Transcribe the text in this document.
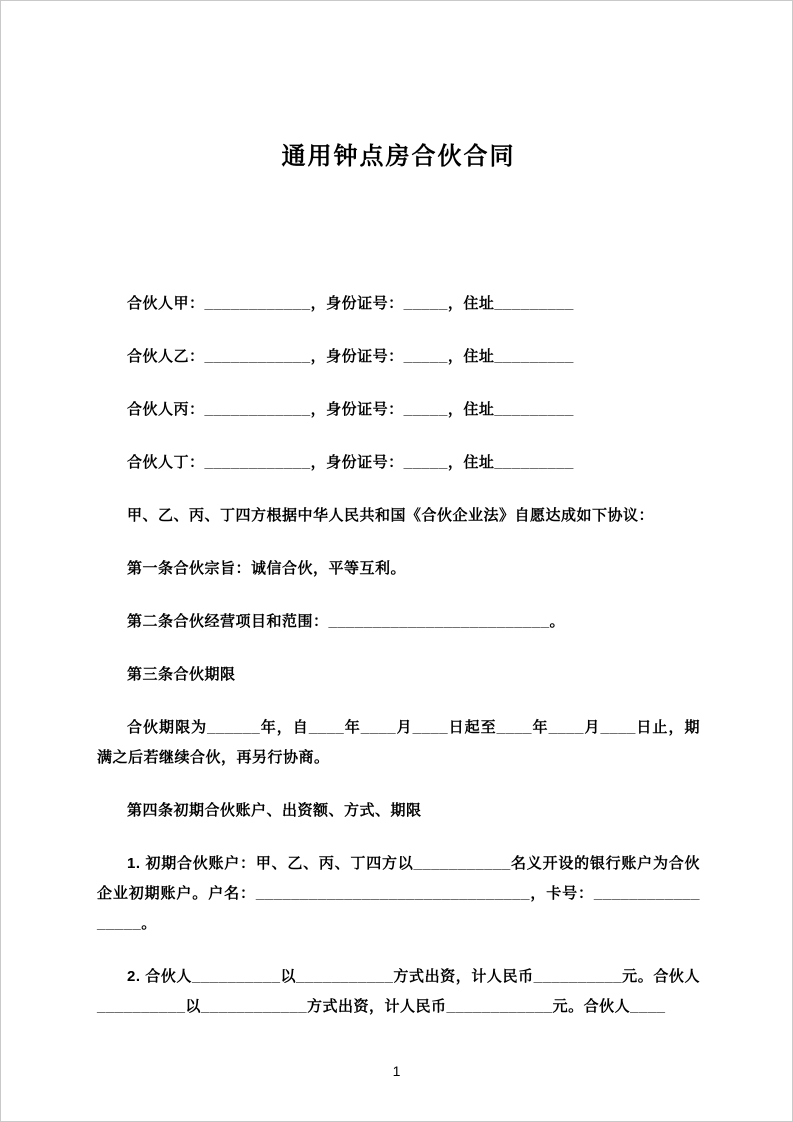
通用钟点房合伙合同

合伙人甲：____________，身份证号：_____，住址_________

合伙人乙：____________，身份证号：_____，住址_________

合伙人丙：____________，身份证号：_____，住址_________

合伙人丁：____________，身份证号：_____，住址_________

甲、乙、丙、丁四方根据中华人民共和国《合伙企业法》自愿达成如下协议：

第一条合伙宗旨：诚信合伙，平等互利。

第二条合伙经营项目和范围：_________________________。

第三条合伙期限

合伙期限为______年，自____年____月____日起至____年____月____日止，期满之后若继续合伙，再另行协商。

第四条初期合伙账户、出资额、方式、期限

1. 初期合伙账户：甲、乙、丙、丁四方以___________名义开设的银行账户为合伙企业初期账户。户名：_______________________________，卡号：_________________。

2. 合伙人__________以___________方式出资，计人民币__________元。合伙人__________以____________方式出资，计人民币____________元。合伙人____

1
